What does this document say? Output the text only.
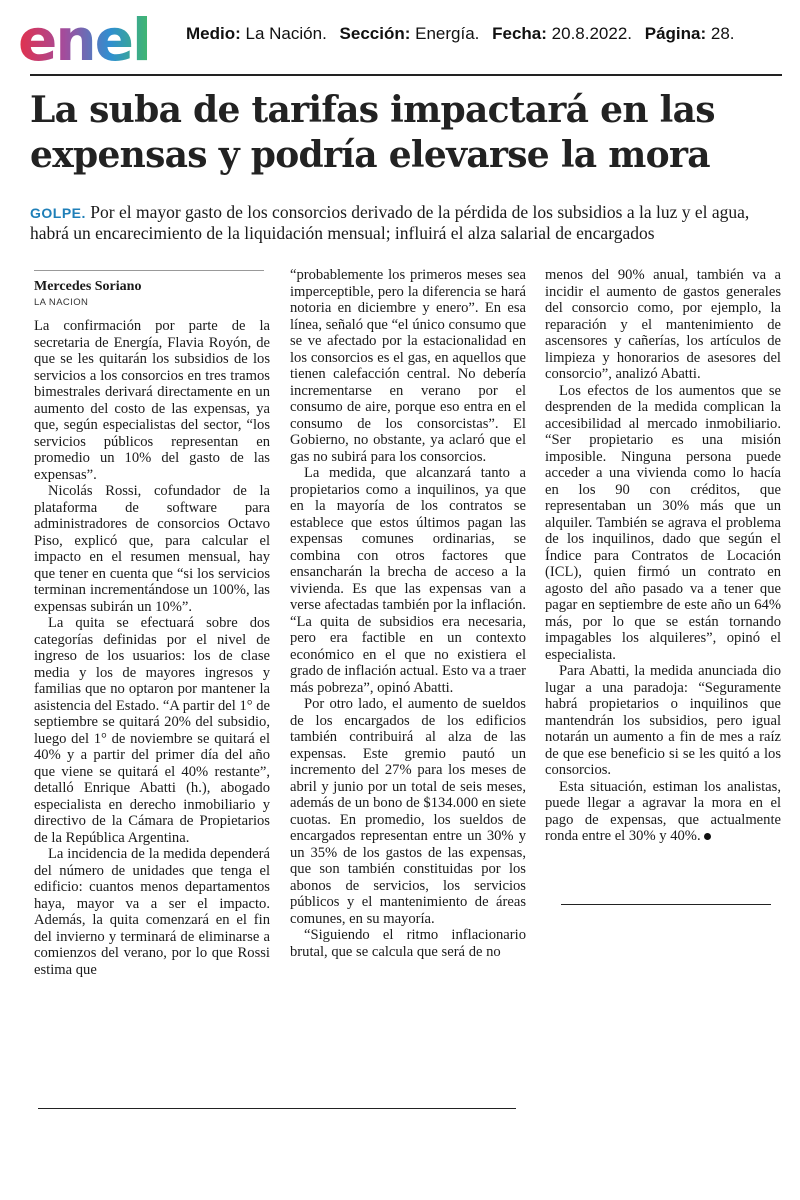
enel Medio: La Nación. Sección: Energía. Fecha: 20.8.2022. Página: 28.
La suba de tarifas impactará en las expensas y podría elevarse la mora
GOLPE. Por el mayor gasto de los consorcios derivado de la pérdida de los subsidios a la luz y el agua, habrá un encarecimiento de la liquidación mensual; influirá el alza salarial de encargados
Mercedes Soriano
LA NACION

La confirmación por parte de la secretaria de Energía, Flavia Royón, de que se les quitarán los subsidios de los servicios a los consorcios en tres tramos bimestrales derivará directamente en un aumento del costo de las expensas, ya que, según especialistas del sector, “los servicios públicos representan en promedio un 10% del gasto de las expensas”.

Nicolás Rossi, cofundador de la plataforma de software para administradores de consorcios Octavo Piso, explicó que, para calcular el impacto en el resumen mensual, hay que tener en cuenta que “si los servicios terminan incrementándose un 100%, las expensas subirán un 10%”.

La quita se efectuará sobre dos categorías definidas por el nivel de ingreso de los usuarios: los de clase media y los de mayores ingresos y familias que no optaron por mantener la asistencia del Estado. “A partir del 1° de septiembre se quitará 20% del subsidio, luego del 1° de noviembre se quitará el 40% y a partir del primer día del año que viene se quitará el 40% restante”, detalló Enrique Abatti (h.), abogado especialista en derecho inmobiliario y directivo de la Cámara de Propietarios de la República Argentina.

La incidencia de la medida dependerá del número de unidades que tenga el edificio: cuantos menos departamentos haya, mayor va a ser el impacto. Además, la quita comenzará en el fin del invierno y terminará de eliminarse a comienzos del verano, por lo que Rossi estima que

“probablemente los primeros meses sea imperceptible, pero la diferencia se hará notoria en diciembre y enero”. En esa línea, señaló que “el único consumo que se ve afectado por la estacionalidad en los consorcios es el gas, en aquellos que tienen calefacción central. No debería incrementarse en verano por el consumo de aire, porque eso entra en el consumo de los consorcistas”. El Gobierno, no obstante, ya aclaró que el gas no subirá para los consorcios.

La medida, que alcanzará tanto a propietarios como a inquilinos, ya que en la mayoría de los contratos se establece que estos últimos pagan las expensas comunes ordinarias, se combina con otros factores que ensancharán la brecha de acceso a la vivienda. Es que las expensas van a verse afectadas también por la inflación. “La quita de subsidios era necesaria, pero era factible en un contexto económico en el que no existiera el grado de inflación actual. Esto va a traer más pobreza”, opinó Abatti.

Por otro lado, el aumento de sueldos de los encargados de los edificios también contribuirá al alza de las expensas. Este gremio pautó un incremento del 27% para los meses de abril y junio por un total de seis meses, además de un bono de $134.000 en siete cuotas. En promedio, los sueldos de encargados representan entre un 30% y un 35% de los gastos de las expensas, que son también constituidas por los abonos de servicios, los servicios públicos y el mantenimiento de áreas comunes, en su mayoría.

“Siguiendo el ritmo inflacionario brutal, que se calcula que será de no

menos del 90% anual, también va a incidir el aumento de gastos generales del consorcio como, por ejemplo, la reparación y el mantenimiento de ascensores y cañerías, los artículos de limpieza y honorarios de asesores del consorcio”, analizó Abatti.

Los efectos de los aumentos que se desprenden de la medida complican la accesibilidad al mercado inmobiliario. “Ser propietario es una misión imposible. Ninguna persona puede acceder a una vivienda como lo hacía en los 90 con créditos, que representaban un 30% más que un alquiler. También se agrava el problema de los inquilinos, dado que según el Índice para Contratos de Locación (ICL), quien firmó un contrato en agosto del año pasado va a tener que pagar en septiembre de este año un 64% más, por lo que se están tornando impagables los alquileres”, opinó el especialista.

Para Abatti, la medida anunciada dio lugar a una paradoja: “Seguramente habrá propietarios o inquilinos que mantendrán los subsidios, pero igual notarán un aumento a fin de mes a raíz de que ese beneficio si se les quitó a los consorcios.

Esta situación, estiman los analistas, puede llegar a agravar la mora en el pago de expensas, que actualmente ronda entre el 30% y 40%.
